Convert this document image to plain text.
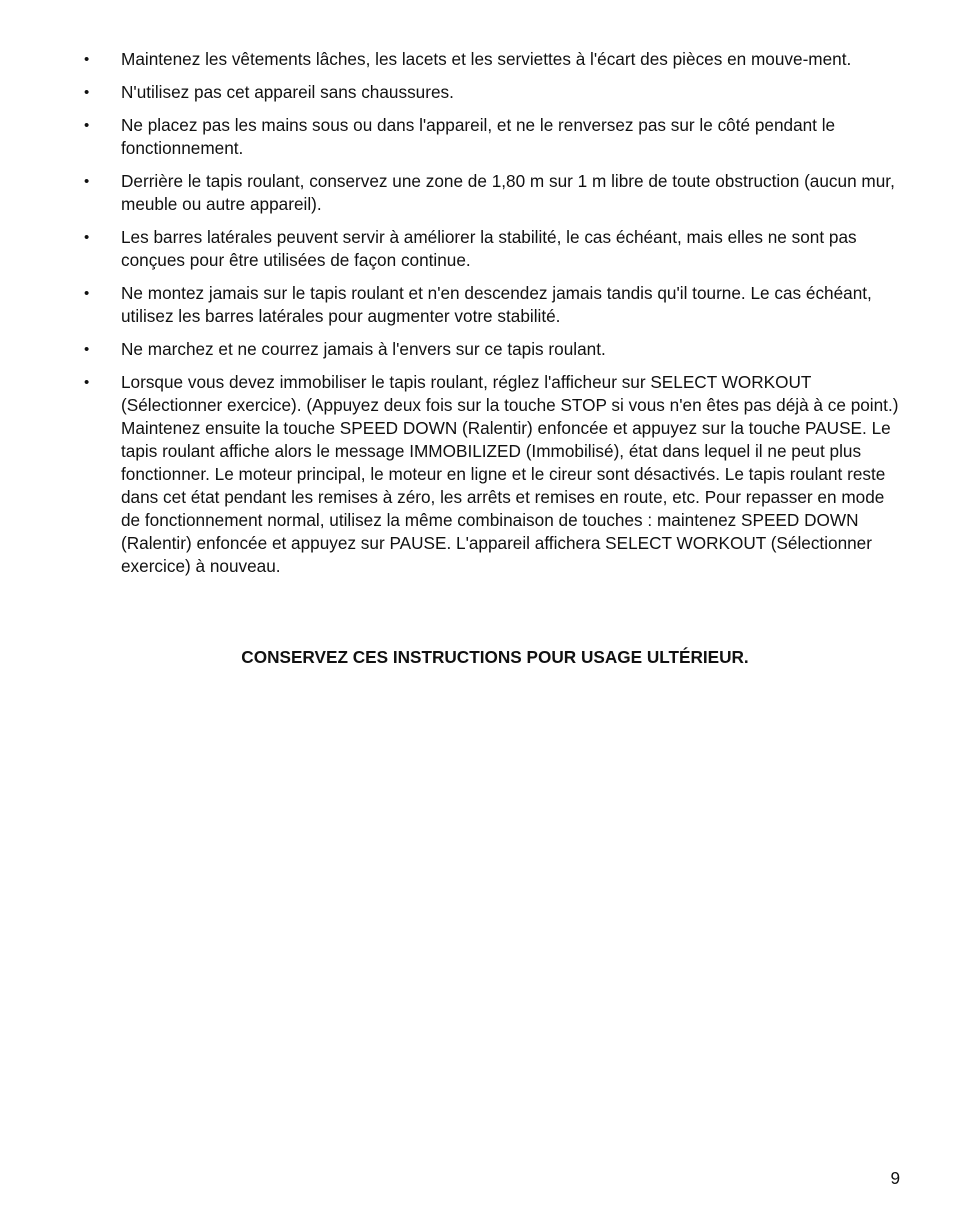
•	Maintenez les vêtements lâches, les lacets et les serviettes à l'écart des pièces en mouve-ment.
•	N'utilisez pas cet appareil sans chaussures.
•	Ne placez pas les mains sous ou dans l'appareil, et ne le renversez pas sur le côté pendant le fonctionnement.
•	Derrière le tapis roulant, conservez une zone de 1,80 m sur 1 m libre de toute obstruction (aucun mur, meuble ou autre appareil).
•	Les barres latérales peuvent servir à améliorer la stabilité, le cas échéant, mais elles ne sont pas conçues pour être utilisées de façon continue.
•	Ne montez jamais sur le tapis roulant et n'en descendez jamais tandis qu'il tourne. Le cas échéant, utilisez les barres latérales pour augmenter votre stabilité.
•	Ne marchez et ne courrez jamais à l'envers sur ce tapis roulant.
•	Lorsque vous devez immobiliser le tapis roulant, réglez l'afficheur sur SELECT WORKOUT (Sélectionner exercice). (Appuyez deux fois sur la touche STOP si vous n'en êtes pas déjà à ce point.) Maintenez ensuite la touche SPEED DOWN (Ralentir) enfoncée et appuyez sur la touche PAUSE. Le tapis roulant affiche alors le message IMMOBILIZED (Immobilisé), état dans lequel il ne peut plus fonctionner. Le moteur principal, le moteur en ligne et le cireur sont désactivés. Le tapis roulant reste dans cet état pendant les remises à zéro, les arrêts et remises en route, etc. Pour repasser en mode de fonctionnement normal, utilisez la même combinaison de touches : maintenez SPEED DOWN (Ralentir) enfoncée et appuyez sur PAUSE. L'appareil affichera SELECT WORKOUT (Sélectionner exercice) à nouveau.
CONSERVEZ CES INSTRUCTIONS POUR USAGE ULTÉRIEUR.
9
